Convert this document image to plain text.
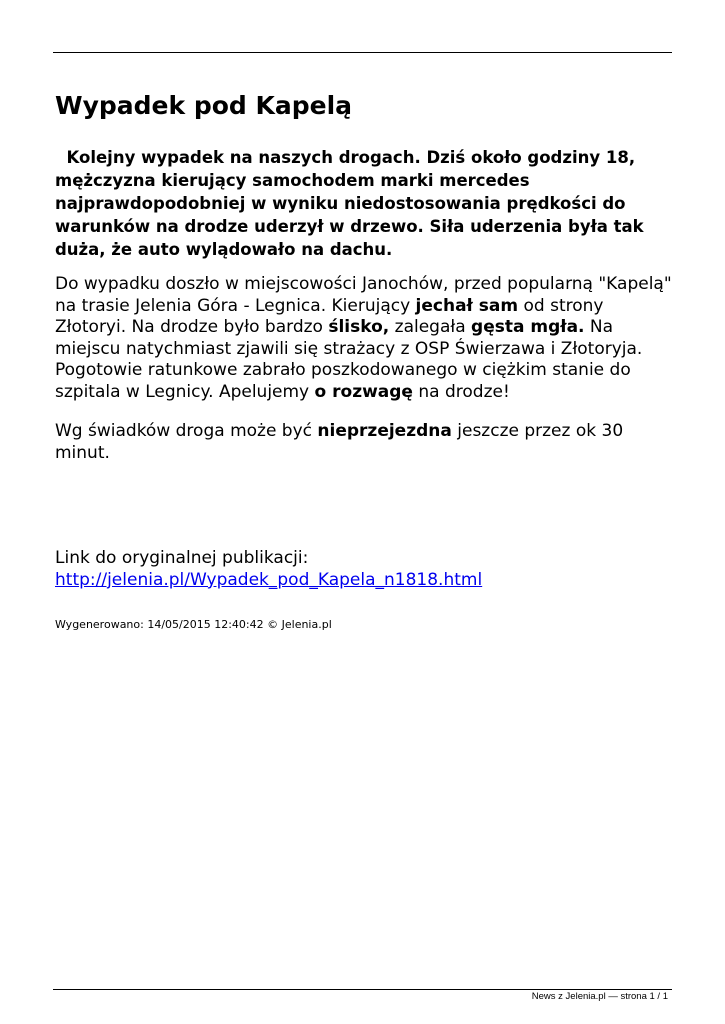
Wypadek pod Kapelą

Kolejny wypadek na naszych drogach. Dziś około godziny 18, mężczyzna kierujący samochodem marki mercedes najprawdopodobniej w wyniku niedostosowania prędkości do warunków na drodze uderzył w drzewo. Siła uderzenia była tak duża, że auto wylądowało na dachu.

Do wypadku doszło w miejscowości Janochów, przed popularną "Kapelą" na trasie Jelenia Góra - Legnica. Kierujący jechał sam od strony Złotoryi. Na drodze było bardzo ślisko, zalegała gęsta mgła. Na miejscu natychmiast zjawili się strażacy z OSP Świerzawa i Złotoryja. Pogotowie ratunkowe zabrało poszkodowanego w ciężkim stanie do szpitala w Legnicy. Apelujemy o rozwagę na drodze!

Wg świadków droga może być nieprzejezdna jeszcze przez ok 30 minut.

Link do oryginalnej publikacji:
http://jelenia.pl/Wypadek_pod_Kapela_n1818.html

Wygenerowano: 14/05/2015 12:40:42 © Jelenia.pl

News z Jelenia.pl — strona 1 / 1
